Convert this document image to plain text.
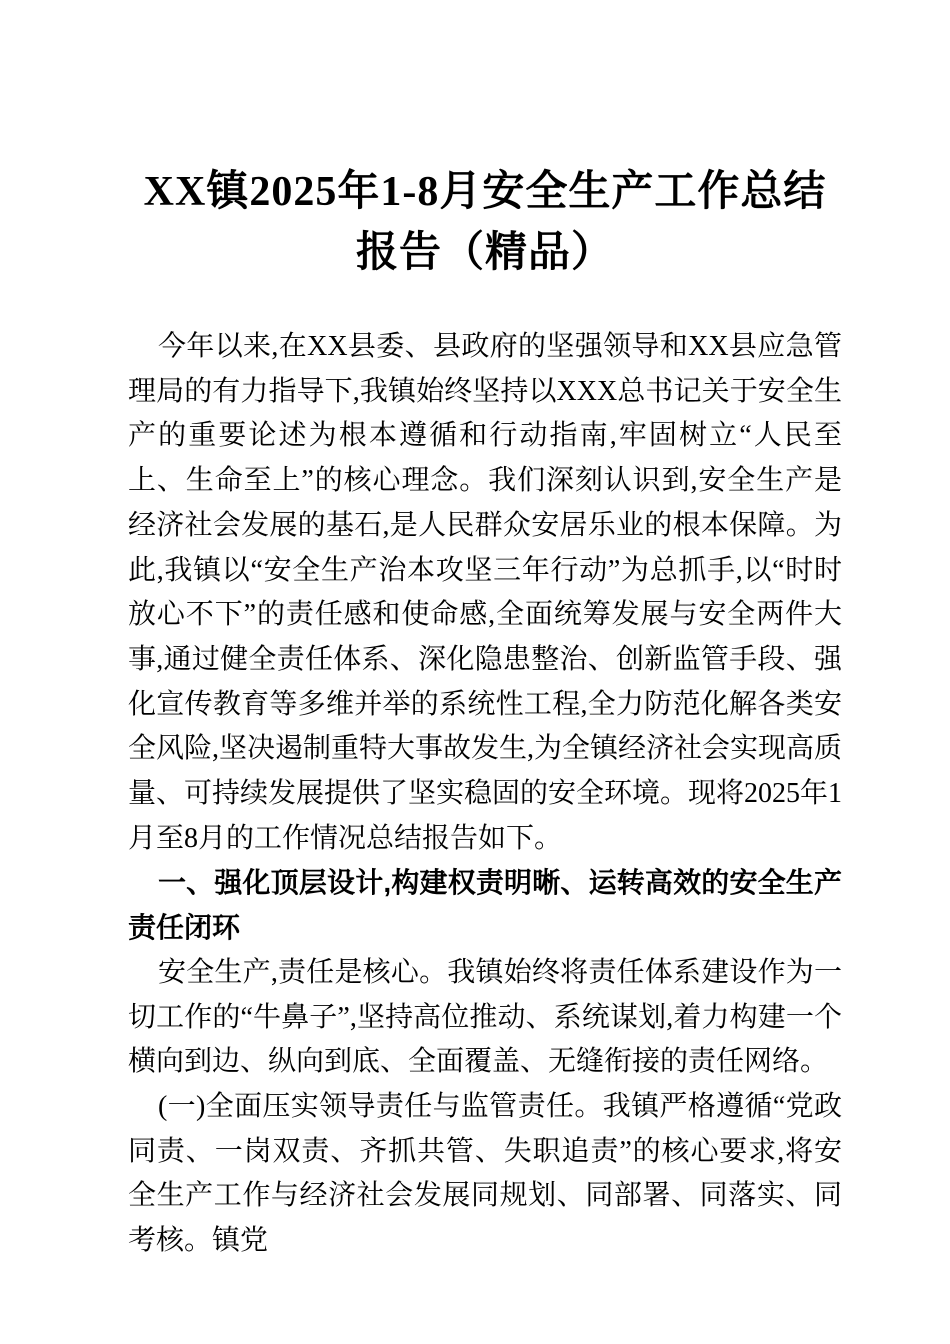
XX镇2025年1-8月安全生产工作总结报告（精品）

今年以来,在XX县委、县政府的坚强领导和XX县应急管理局的有力指导下,我镇始终坚持以XXX总书记关于安全生产的重要论述为根本遵循和行动指南,牢固树立“人民至上、生命至上”的核心理念。我们深刻认识到,安全生产是经济社会发展的基石,是人民群众安居乐业的根本保障。为此,我镇以“安全生产治本攻坚三年行动”为总抓手,以“时时放心不下”的责任感和使命感,全面统筹发展与安全两件大事,通过健全责任体系、深化隐患整治、创新监管手段、强化宣传教育等多维并举的系统性工程,全力防范化解各类安全风险,坚决遏制重特大事故发生,为全镇经济社会实现高质量、可持续发展提供了坚实稳固的安全环境。现将2025年1月至8月的工作情况总结报告如下。

一、强化顶层设计,构建权责明晰、运转高效的安全生产责任闭环

安全生产,责任是核心。我镇始终将责任体系建设作为一切工作的“牛鼻子”,坚持高位推动、系统谋划,着力构建一个横向到边、纵向到底、全面覆盖、无缝衔接的责任网络。

(一)全面压实领导责任与监管责任。我镇严格遵循“党政同责、一岗双责、齐抓共管、失职追责”的核心要求,将安全生产工作与经济社会发展同规划、同部署、同落实、同考核。镇党
